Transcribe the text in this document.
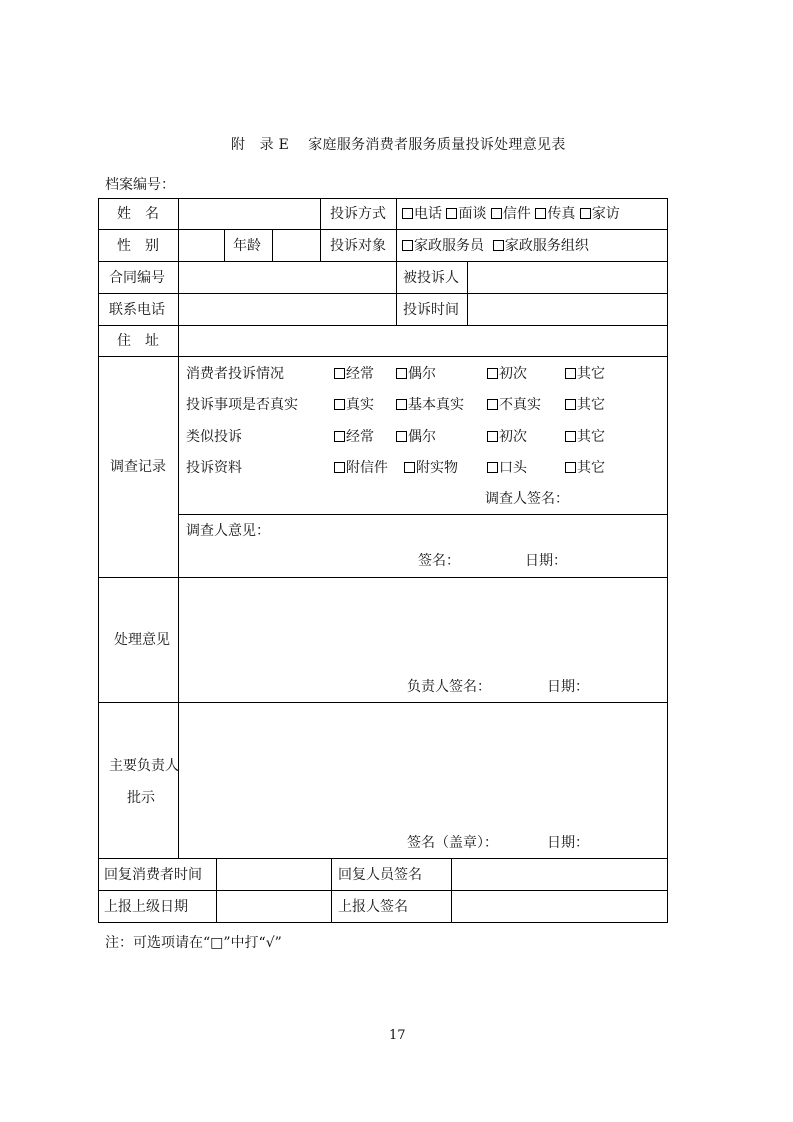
附　录 E　 家庭服务消费者服务质量投诉处理意见表
档案编号：
姓　名	投诉方式	电话 面谈 信件 传真 家访
性　别	年龄	投诉对象	家政服务员 家政服务组织
合同编号	被投诉人
联系电话	投诉时间
住　址
调查记录
消费者投诉情况	经常	偶尔	初次	其它
投诉事项是否真实	真实	基本真实	不真实	其它
类似投诉	经常	偶尔	初次	其它
投诉资料	附信件	附实物	口头	其它
调查人签名：
调查人意见：
签名：	日期：
处理意见
负责人签名：	日期：
主要负责人
批示
签名（盖章）：	日期：
回复消费者时间	回复人员签名
上报上级日期	上报人签名
注：可选项请在“□”中打“√”
17
